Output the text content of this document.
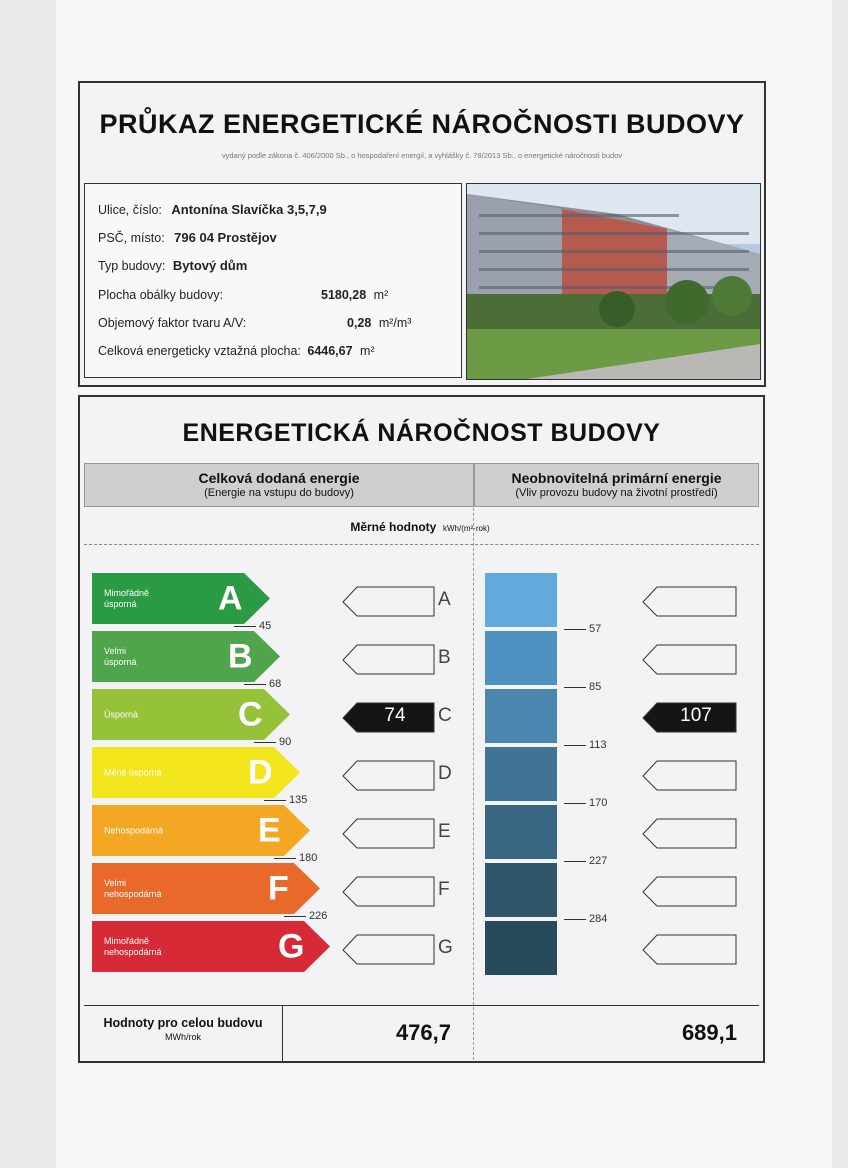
PRŮKAZ ENERGETICKÉ NÁROČNOSTI BUDOVY
vydaný podle zákona č. 406/2000 Sb., o hospodaření energií, a vyhlášky č. 78/2013 Sb., o energetické náročnosti budov
Ulice, číslo: Antonína Slavíčka 3,5,7,9
PSČ, místo: 796 04 Prostějov
Typ budovy: Bytový dům
Plocha obálky budovy:	5180,28 m²
Objemový faktor tvaru A/V:	0,28 m²/m³
Celková energeticky vztažná plocha: 6446,67 m²
ENERGETICKÁ NÁROČNOST BUDOVY
Celková dodaná energie
(Energie na vstupu do budovy)
Neobnovitelná primární energie
(Vliv provozu budovy na životní prostředí)
Měrné hodnoty kWh/(m²·rok)
Mimořádně
úsporná	A
Velmi
úsporná	B
Úsporná	C
Méně úsporná	D
Nehospodárná	E
Velmi
nehospodárná	F
Mimořádně
nehospodárná	G
A
B
74	C
D
E
F
G
45
68
90
135
180
226
107
57
85
113
170
227
284
Hodnoty pro celou budovu
MWh/rok	476,7	689,1
